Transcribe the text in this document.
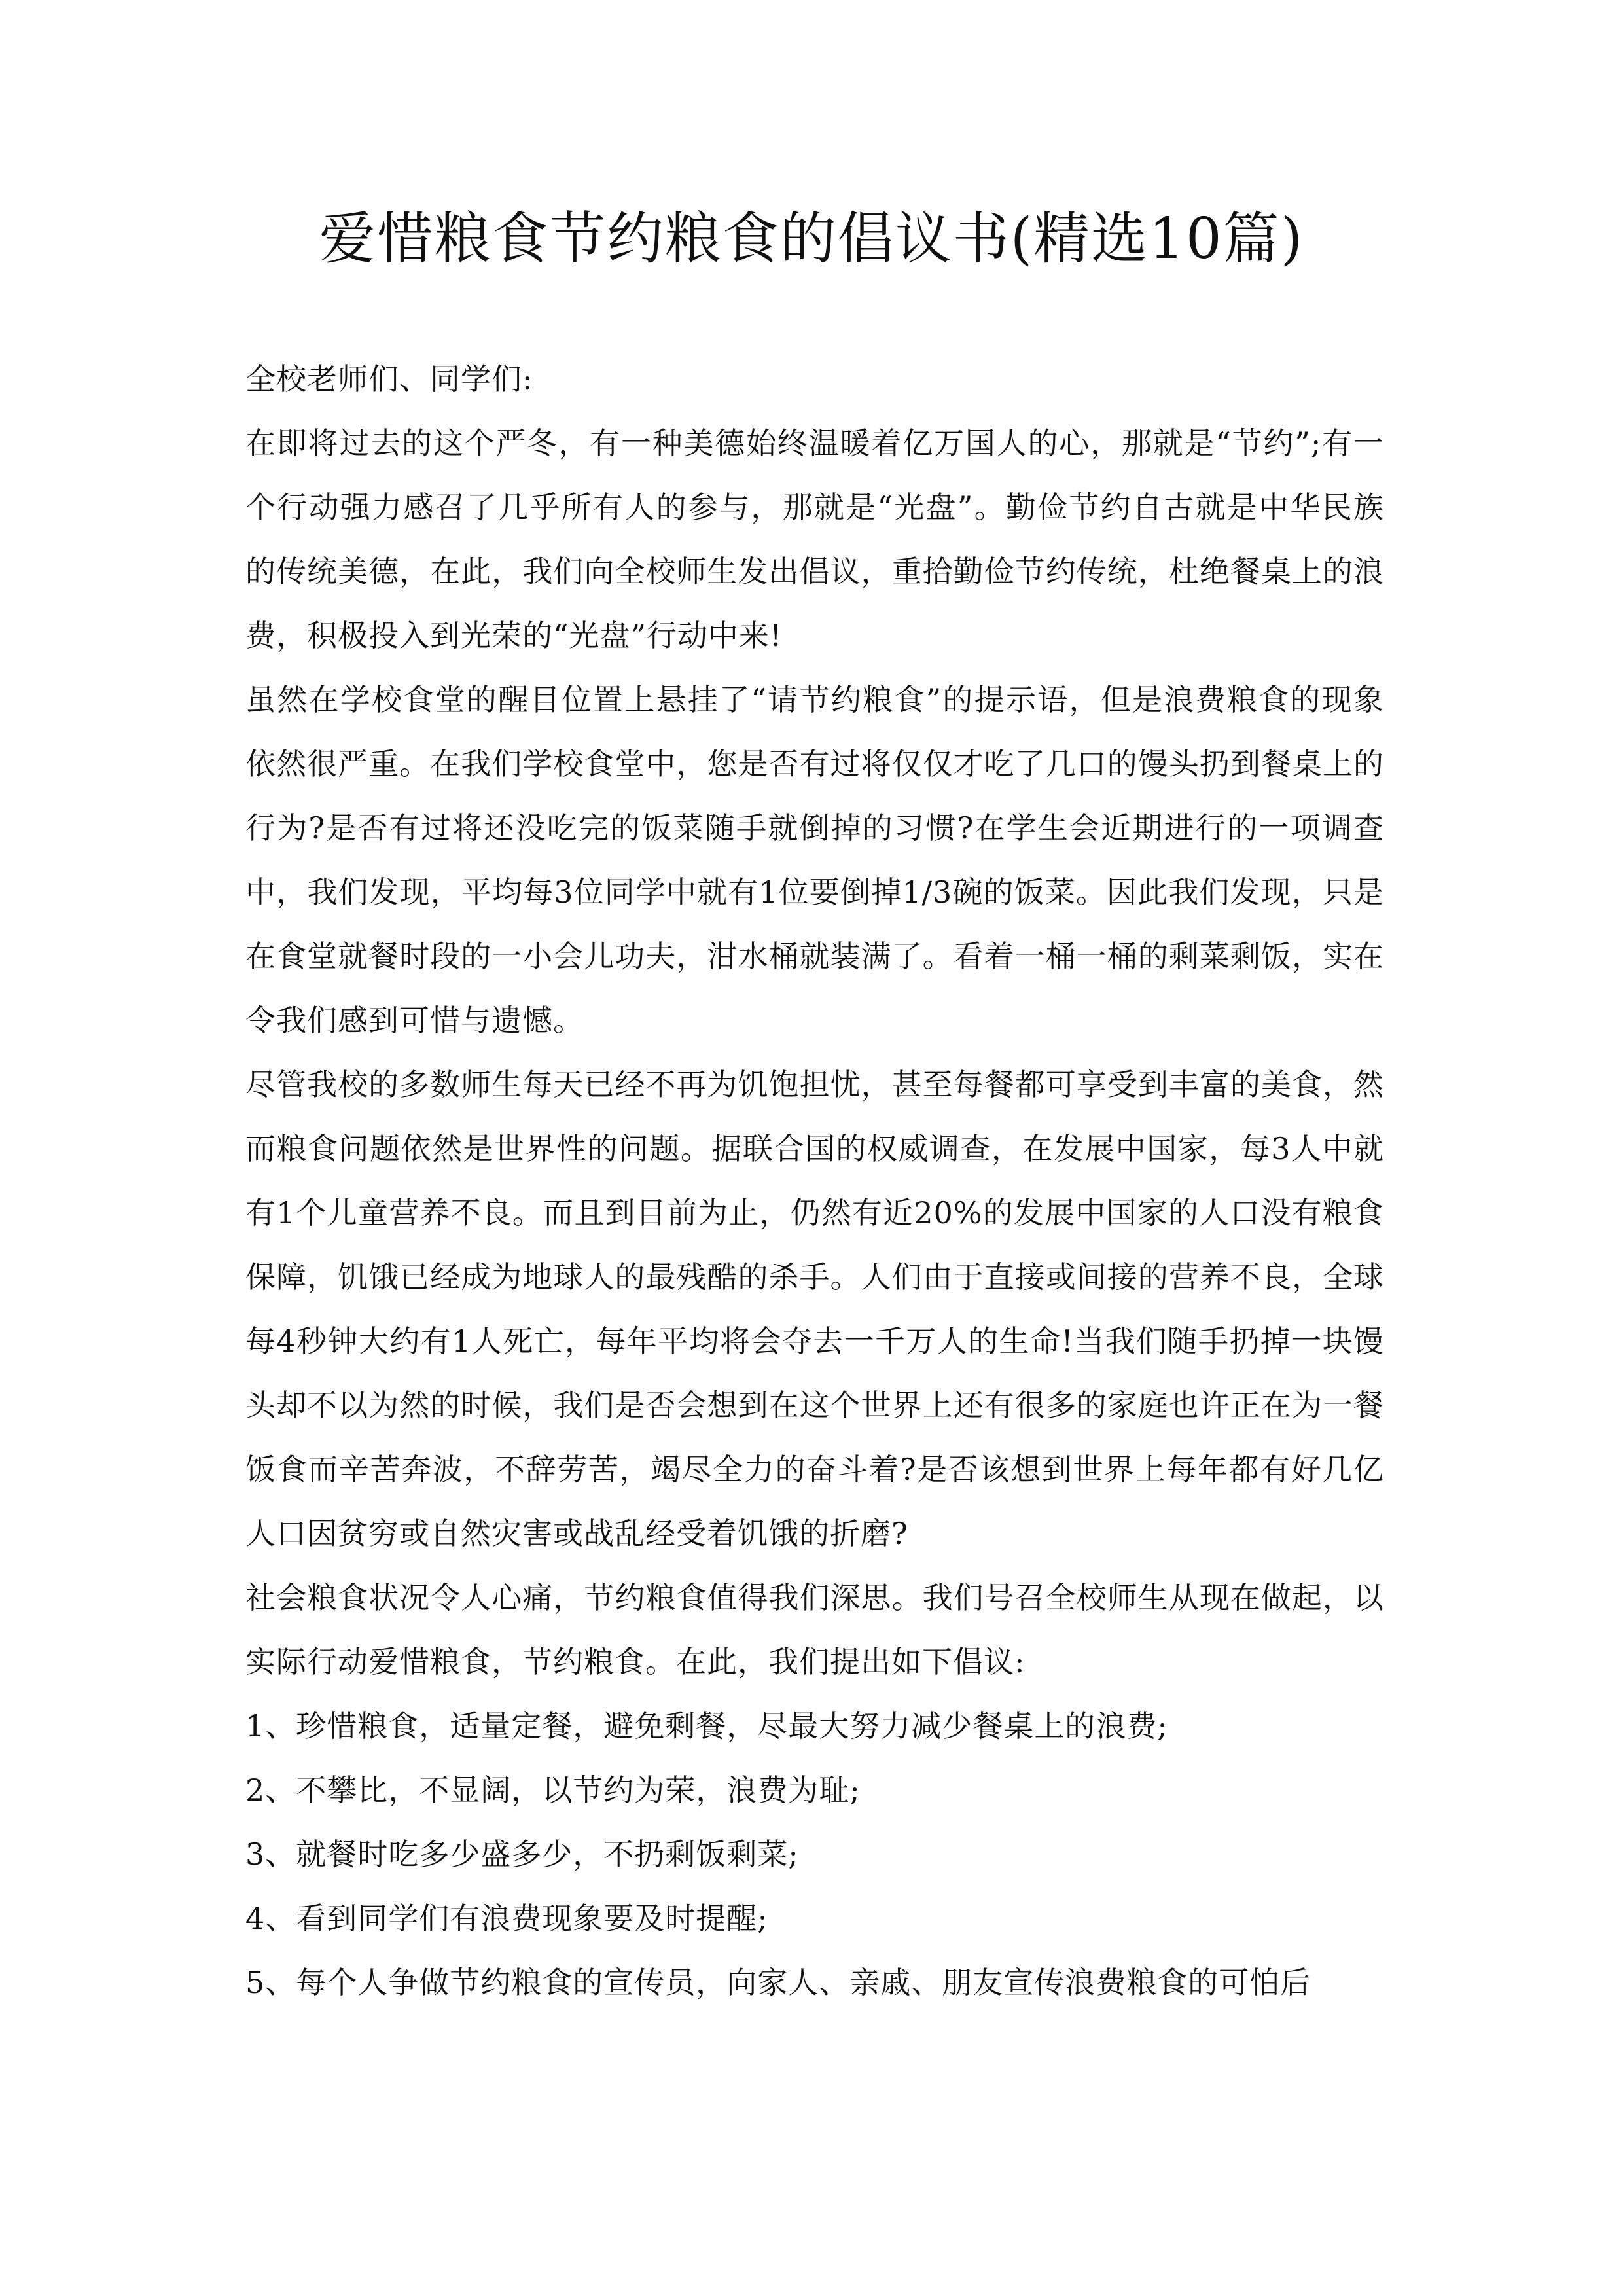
爱惜粮食节约粮食的倡议书(精选10篇)

全校老师们、同学们:

在即将过去的这个严冬，有一种美德始终温暖着亿万国人的心，那就是“节约”;有一个行动强力感召了几乎所有人的参与，那就是“光盘”。勤俭节约自古就是中华民族的传统美德，在此，我们向全校师生发出倡议，重拾勤俭节约传统，杜绝餐桌上的浪费，积极投入到光荣的“光盘”行动中来!

虽然在学校食堂的醒目位置上悬挂了“请节约粮食”的提示语，但是浪费粮食的现象依然很严重。在我们学校食堂中，您是否有过将仅仅才吃了几口的馒头扔到餐桌上的行为?是否有过将还没吃完的饭菜随手就倒掉的习惯?在学生会近期进行的一项调查中，我们发现，平均每3位同学中就有1位要倒掉1/3碗的饭菜。因此我们发现，只是在食堂就餐时段的一小会儿功夫，泔水桶就装满了。看着一桶一桶的剩菜剩饭，实在令我们感到可惜与遗憾。

尽管我校的多数师生每天已经不再为饥饱担忧，甚至每餐都可享受到丰富的美食，然而粮食问题依然是世界性的问题。据联合国的权威调查，在发展中国家，每3人中就有1个儿童营养不良。而且到目前为止，仍然有近20%的发展中国家的人口没有粮食保障，饥饿已经成为地球人的最残酷的杀手。人们由于直接或间接的营养不良，全球每4秒钟大约有1人死亡，每年平均将会夺去一千万人的生命!当我们随手扔掉一块馒头却不以为然的时候，我们是否会想到在这个世界上还有很多的家庭也许正在为一餐饭食而辛苦奔波，不辞劳苦，竭尽全力的奋斗着?是否该想到世界上每年都有好几亿人口因贫穷或自然灾害或战乱经受着饥饿的折磨?

社会粮食状况令人心痛，节约粮食值得我们深思。我们号召全校师生从现在做起，以实际行动爱惜粮食，节约粮食。在此，我们提出如下倡议:

1、珍惜粮食，适量定餐，避免剩餐，尽最大努力减少餐桌上的浪费;

2、不攀比，不显阔，以节约为荣，浪费为耻;

3、就餐时吃多少盛多少，不扔剩饭剩菜;

4、看到同学们有浪费现象要及时提醒;

5、每个人争做节约粮食的宣传员，向家人、亲戚、朋友宣传浪费粮食的可怕后
